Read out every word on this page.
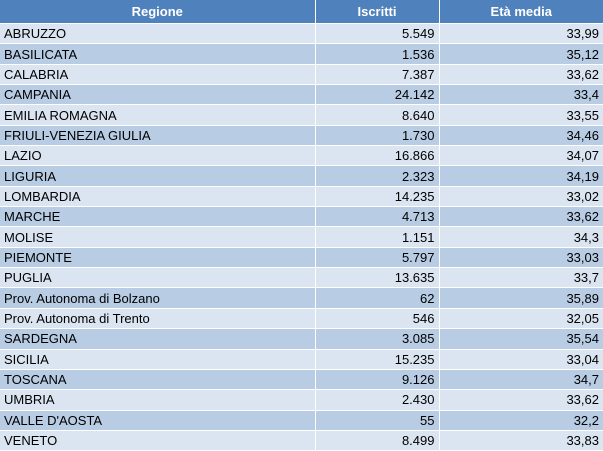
Regione	Iscritti	Età media
ABRUZZO	5.549	33,99
BASILICATA	1.536	35,12
CALABRIA	7.387	33,62
CAMPANIA	24.142	33,4
EMILIA ROMAGNA	8.640	33,55
FRIULI-VENEZIA GIULIA	1.730	34,46
LAZIO	16.866	34,07
LIGURIA	2.323	34,19
LOMBARDIA	14.235	33,02
MARCHE	4.713	33,62
MOLISE	1.151	34,3
PIEMONTE	5.797	33,03
PUGLIA	13.635	33,7
Prov. Autonoma di Bolzano	62	35,89
Prov. Autonoma di Trento	546	32,05
SARDEGNA	3.085	35,54
SICILIA	15.235	33,04
TOSCANA	9.126	34,7
UMBRIA	2.430	33,62
VALLE D'AOSTA	55	32,2
VENETO	8.499	33,83
